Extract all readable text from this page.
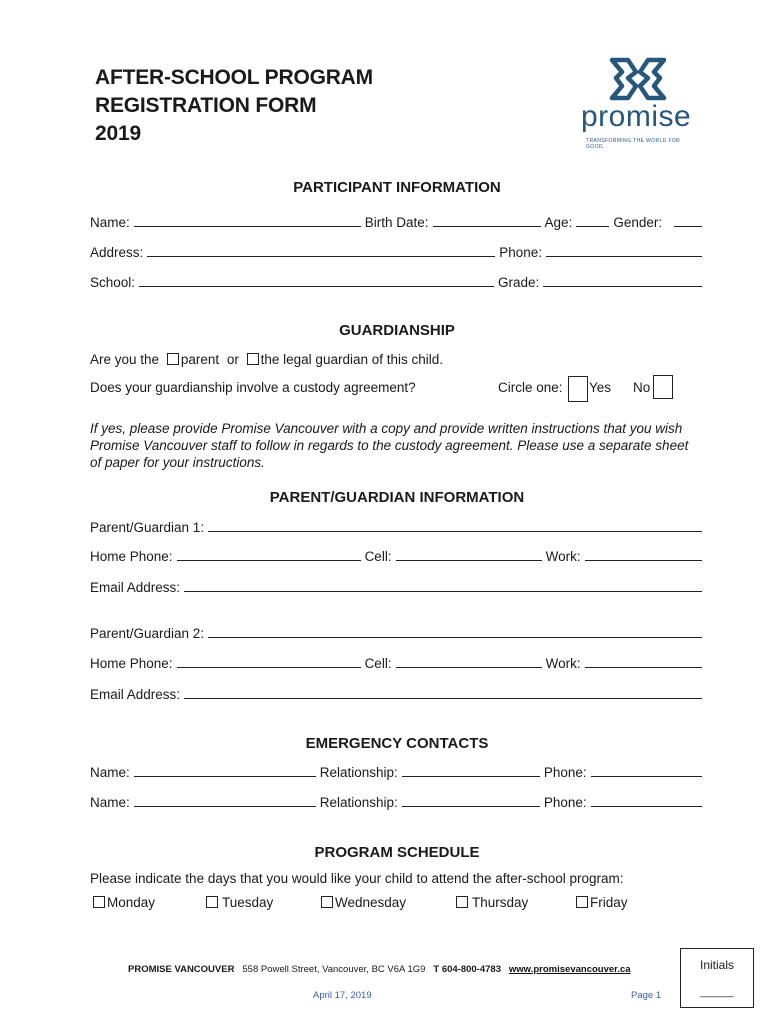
AFTER-SCHOOL PROGRAM
REGISTRATION FORM
2019
promise
TRANSFORMING THE WORLD FOR GOOD.
PARTICIPANT INFORMATION
Name:	Birth Date:	Age:	Gender:
Address:	Phone:
School:	Grade:
GUARDIANSHIP
Are you the parent or the legal guardian of this child.
Does your guardianship involve a custody agreement?	Circle one: Yes No
If yes, please provide Promise Vancouver with a copy and provide written instructions that you wish
Promise Vancouver staff to follow in regards to the custody agreement. Please use a separate sheet
of paper for your instructions.
PARENT/GUARDIAN INFORMATION
Parent/Guardian 1:
Home Phone:	Cell:	Work:
Email Address:
Parent/Guardian 2:
Home Phone:	Cell:	Work:
Email Address:
EMERGENCY CONTACTS
Name:	Relationship:	Phone:
Name:	Relationship:	Phone:
PROGRAM SCHEDULE
Please indicate the days that you would like your child to attend the after-school program:
Monday	Tuesday	Wednesday	Thursday	Friday
PROMISE VANCOUVER 558 Powell Street, Vancouver, BC V6A 1G9 T 604-800-4783 www.promisevancouver.ca
April 17, 2019	Page 1
Initials
______
